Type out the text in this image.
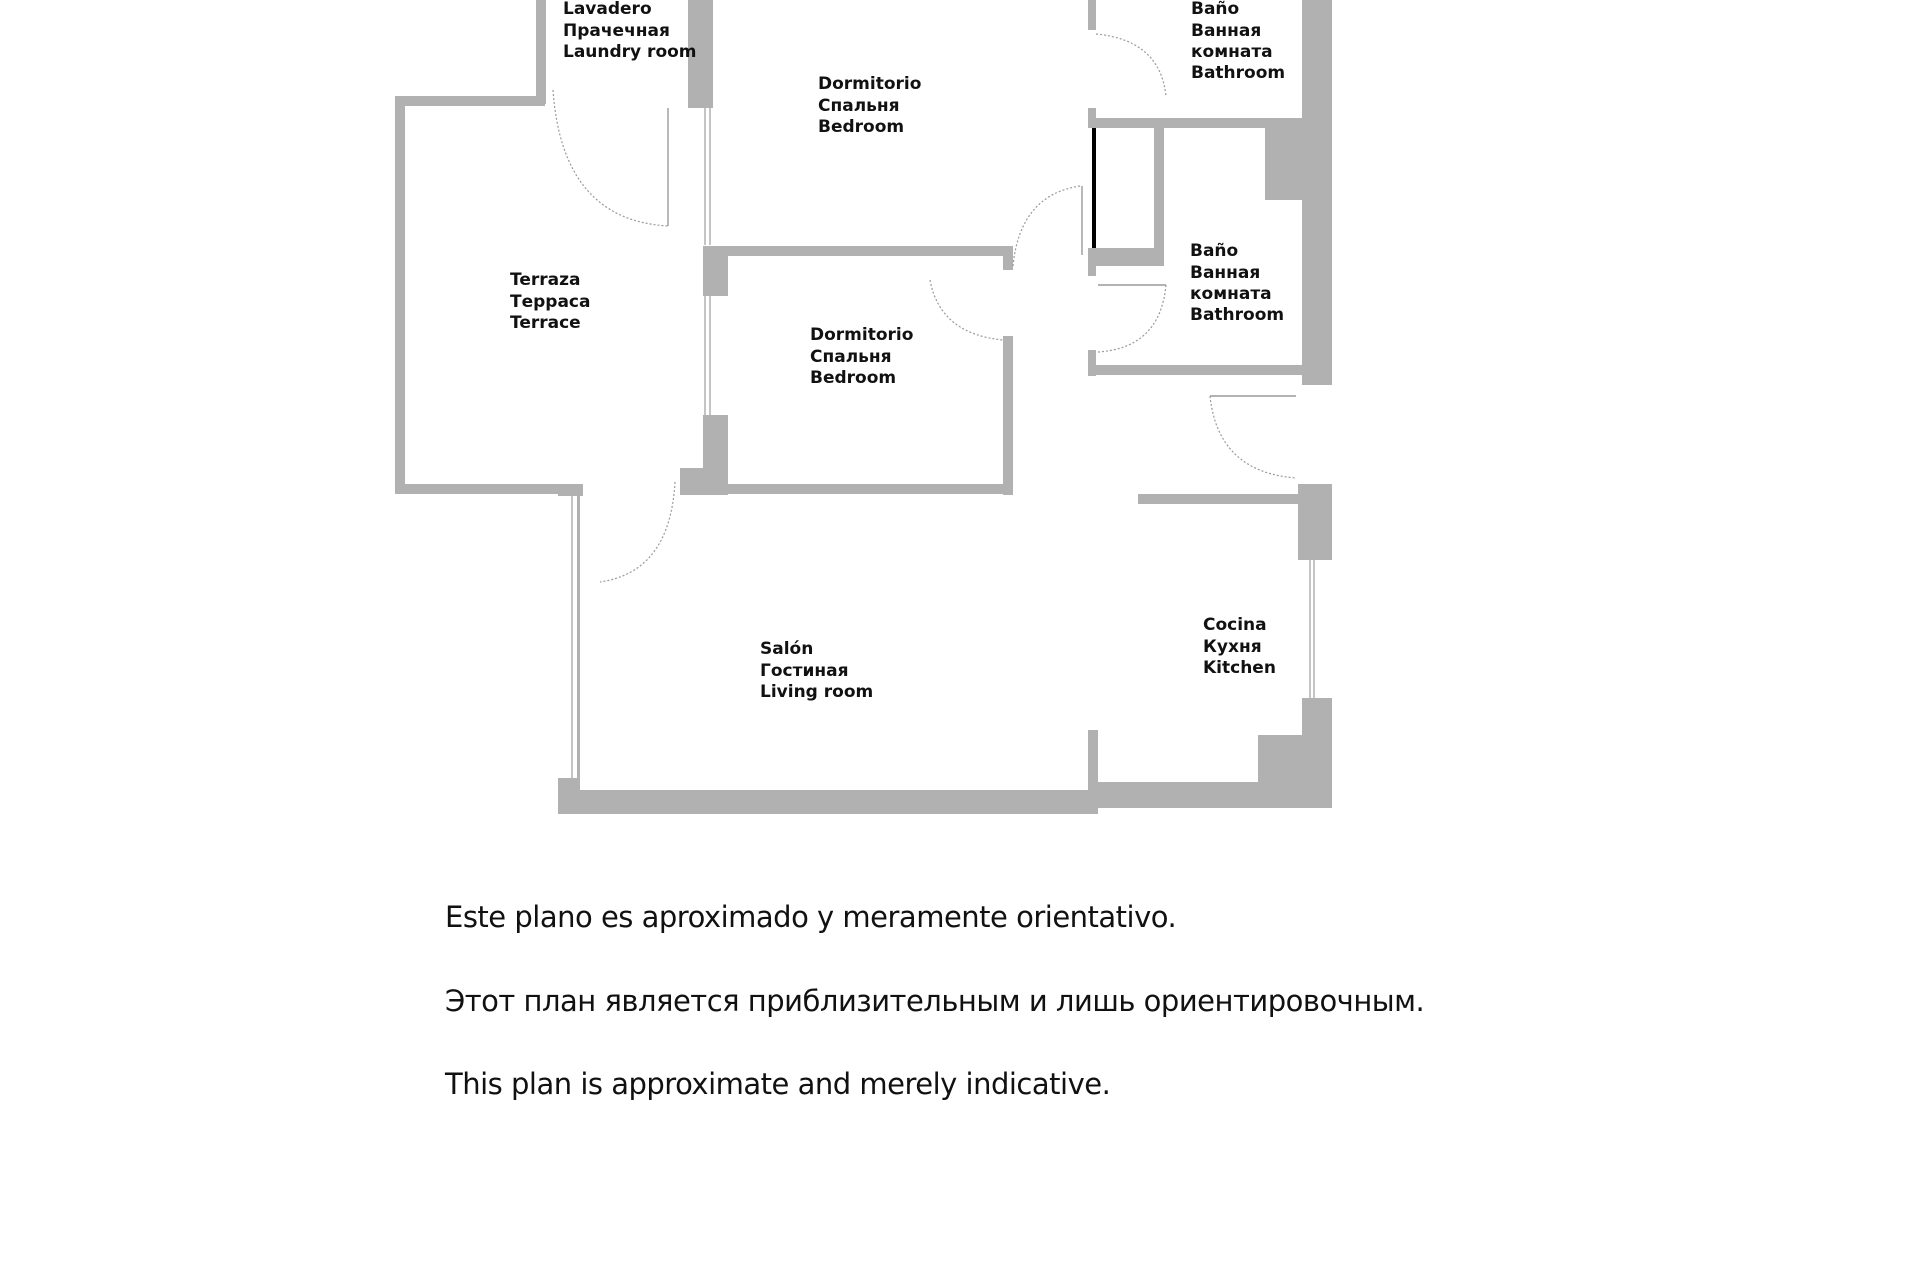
Lavadero
Прачечная
Laundry room
Dormitorio
Спальня
Bedroom
Baño
Ванная
комната
Bathroom
Baño
Ванная
комната
Bathroom
Terraza
Терраса
Terrace
Dormitorio
Спальня
Bedroom
Salón
Гостиная
Living room
Cocina
Кухня
Kitchen
Este plano es aproximado y meramente orientativo.
Этот план является приблизительным и лишь ориентировочным.
This plan is approximate and merely indicative.
